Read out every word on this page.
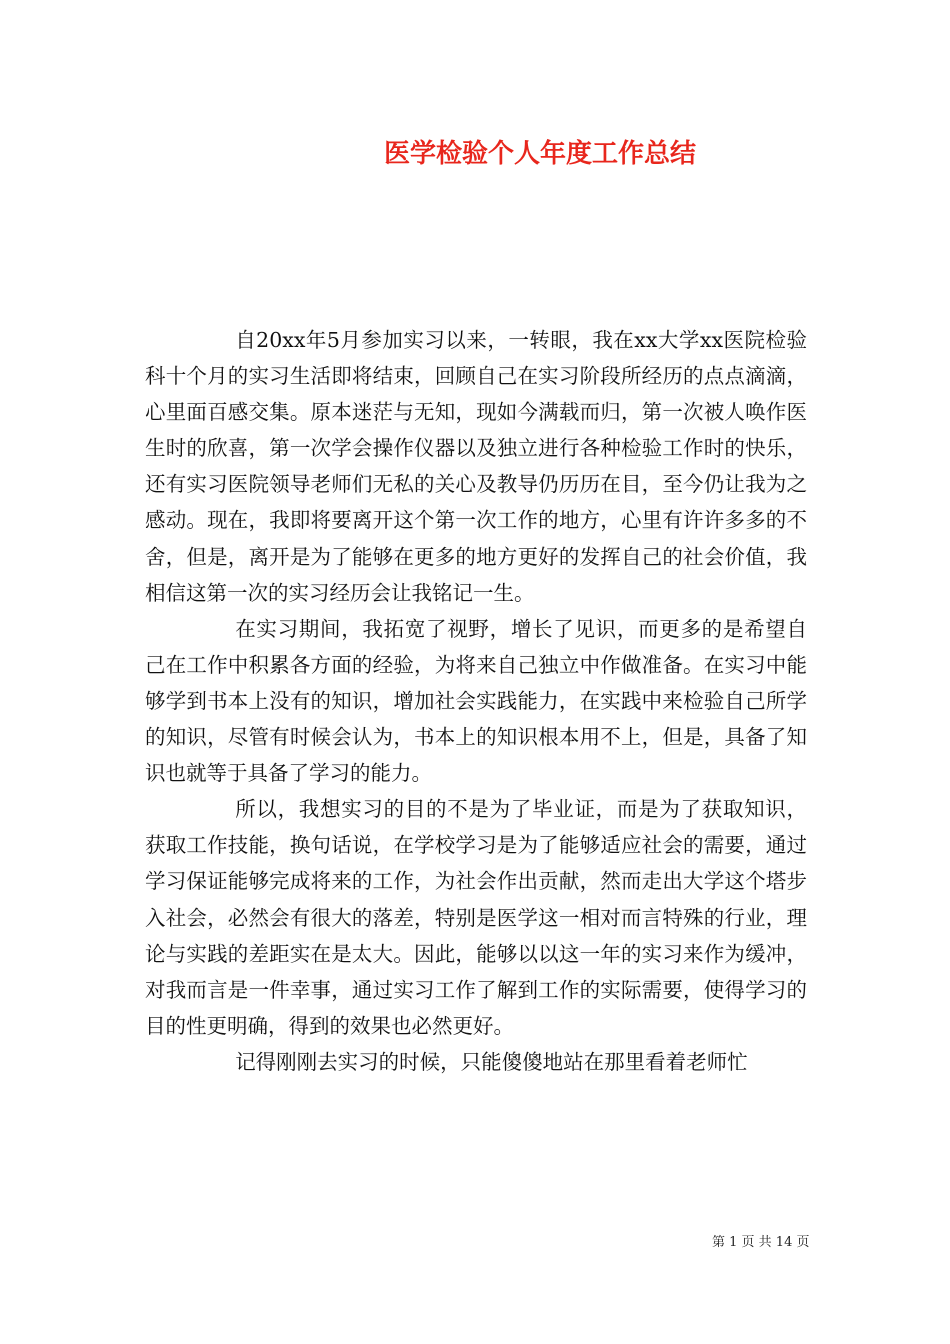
医学检验个人年度工作总结

自20xx年5月参加实习以来，一转眼，我在xx大学xx医院检验科十个月的实习生活即将结束，回顾自己在实习阶段所经历的点点滴滴，心里面百感交集。原本迷茫与无知，现如今满载而归，第一次被人唤作医生时的欣喜，第一次学会操作仪器以及独立进行各种检验工作时的快乐，还有实习医院领导老师们无私的关心及教导仍历历在目，至今仍让我为之感动。现在，我即将要离开这个第一次工作的地方，心里有许许多多的不舍，但是，离开是为了能够在更多的地方更好的发挥自己的社会价值，我相信这第一次的实习经历会让我铭记一生。

在实习期间，我拓宽了视野，增长了见识，而更多的是希望自己在工作中积累各方面的经验，为将来自己独立中作做准备。在实习中能够学到书本上没有的知识，增加社会实践能力，在实践中来检验自己所学的知识，尽管有时候会认为，书本上的知识根本用不上，但是，具备了知识也就等于具备了学习的能力。

所以，我想实习的目的不是为了毕业证，而是为了获取知识，获取工作技能，换句话说，在学校学习是为了能够适应社会的需要，通过学习保证能够完成将来的工作，为社会作出贡献，然而走出大学这个塔步入社会，必然会有很大的落差，特别是医学这一相对而言特殊的行业，理论与实践的差距实在是太大。因此，能够以以这一年的实习来作为缓冲，对我而言是一件幸事，通过实习工作了解到工作的实际需要，使得学习的目的性更明确，得到的效果也必然更好。

记得刚刚去实习的时候，只能傻傻地站在那里看着老师忙

第 1 页 共 14 页
